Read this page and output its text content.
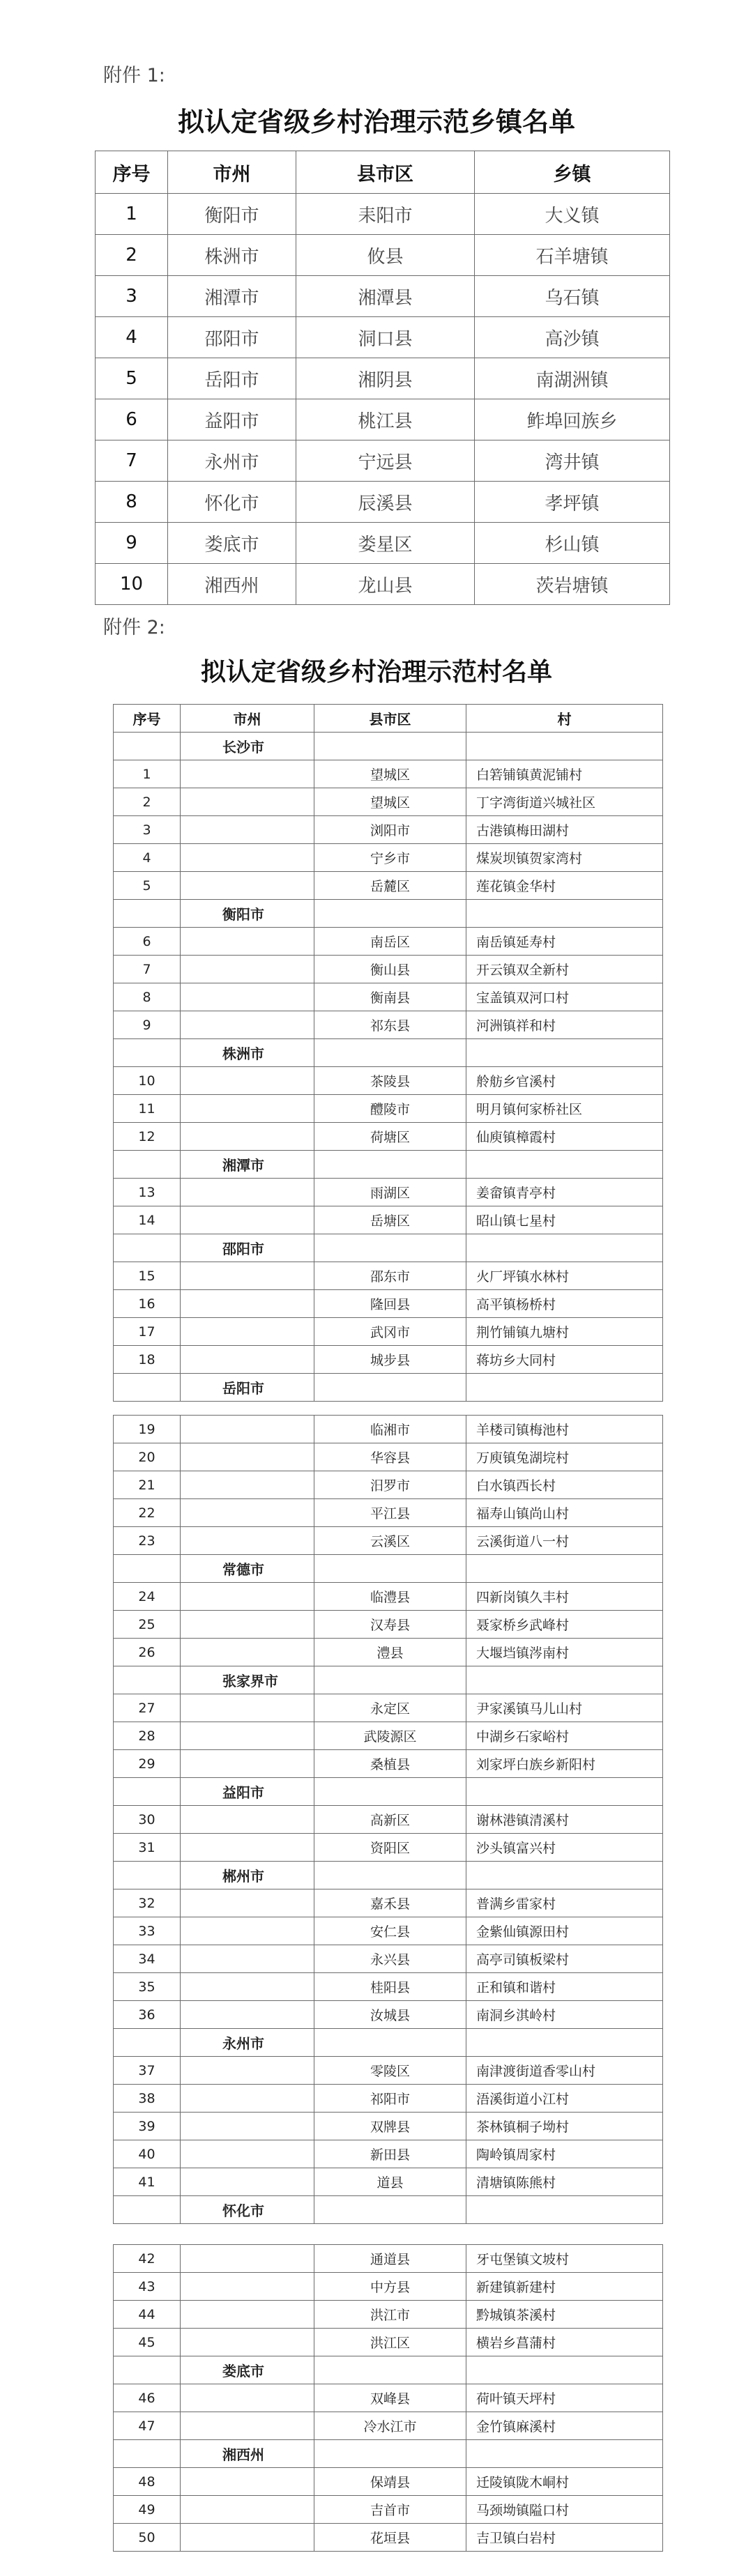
附件 1:
拟认定省级乡村治理示范乡镇名单
序号	市州	县市区	乡镇
1	衡阳市	耒阳市	大义镇
2	株洲市	攸县	石羊塘镇
3	湘潭市	湘潭县	乌石镇
4	邵阳市	洞口县	高沙镇
5	岳阳市	湘阴县	南湖洲镇
6	益阳市	桃江县	鲊埠回族乡
7	永州市	宁远县	湾井镇
8	怀化市	辰溪县	孝坪镇
9	娄底市	娄星区	杉山镇
10	湘西州	龙山县	茨岩塘镇
附件 2:
拟认定省级乡村治理示范村名单
序号	市州	县市区	村
	长沙市		
1		望城区	白箬铺镇黄泥铺村
2		望城区	丁字湾街道兴城社区
3		浏阳市	古港镇梅田湖村
4		宁乡市	煤炭坝镇贺家湾村
5		岳麓区	莲花镇金华村
	衡阳市		
6		南岳区	南岳镇延寿村
7		衡山县	开云镇双全新村
8		衡南县	宝盖镇双河口村
9		祁东县	河洲镇祥和村
	株洲市		
10		茶陵县	舲舫乡官溪村
11		醴陵市	明月镇何家桥社区
12		荷塘区	仙庾镇樟霞村
	湘潭市		
13		雨湖区	姜畲镇青亭村
14		岳塘区	昭山镇七星村
	邵阳市		
15		邵东市	火厂坪镇水林村
16		隆回县	高平镇杨桥村
17		武冈市	荆竹铺镇九塘村
18		城步县	蒋坊乡大同村
	岳阳市		
19		临湘市	羊楼司镇梅池村
20		华容县	万庾镇兔湖垸村
21		汨罗市	白水镇西长村
22		平江县	福寿山镇尚山村
23		云溪区	云溪街道八一村
	常德市		
24		临澧县	四新岗镇久丰村
25		汉寿县	聂家桥乡武峰村
26		澧县	大堰垱镇涔南村
	张家界市		
27		永定区	尹家溪镇马儿山村
28		武陵源区	中湖乡石家峪村
29		桑植县	刘家坪白族乡新阳村
	益阳市		
30		高新区	谢林港镇清溪村
31		资阳区	沙头镇富兴村
	郴州市		
32		嘉禾县	普满乡雷家村
33		安仁县	金紫仙镇源田村
34		永兴县	高亭司镇板梁村
35		桂阳县	正和镇和谐村
36		汝城县	南洞乡淇岭村
	永州市		
37		零陵区	南津渡街道香零山村
38		祁阳市	浯溪街道小江村
39		双牌县	茶林镇桐子坳村
40		新田县	陶岭镇周家村
41		道县	清塘镇陈熊村
	怀化市		
42		通道县	牙屯堡镇文坡村
43		中方县	新建镇新建村
44		洪江市	黔城镇茶溪村
45		洪江区	横岩乡菖蒲村
	娄底市		
46		双峰县	荷叶镇天坪村
47		冷水江市	金竹镇麻溪村
	湘西州		
48		保靖县	迁陵镇陇木峒村
49		吉首市	马颈坳镇隘口村
50		花垣县	吉卫镇白岩村
